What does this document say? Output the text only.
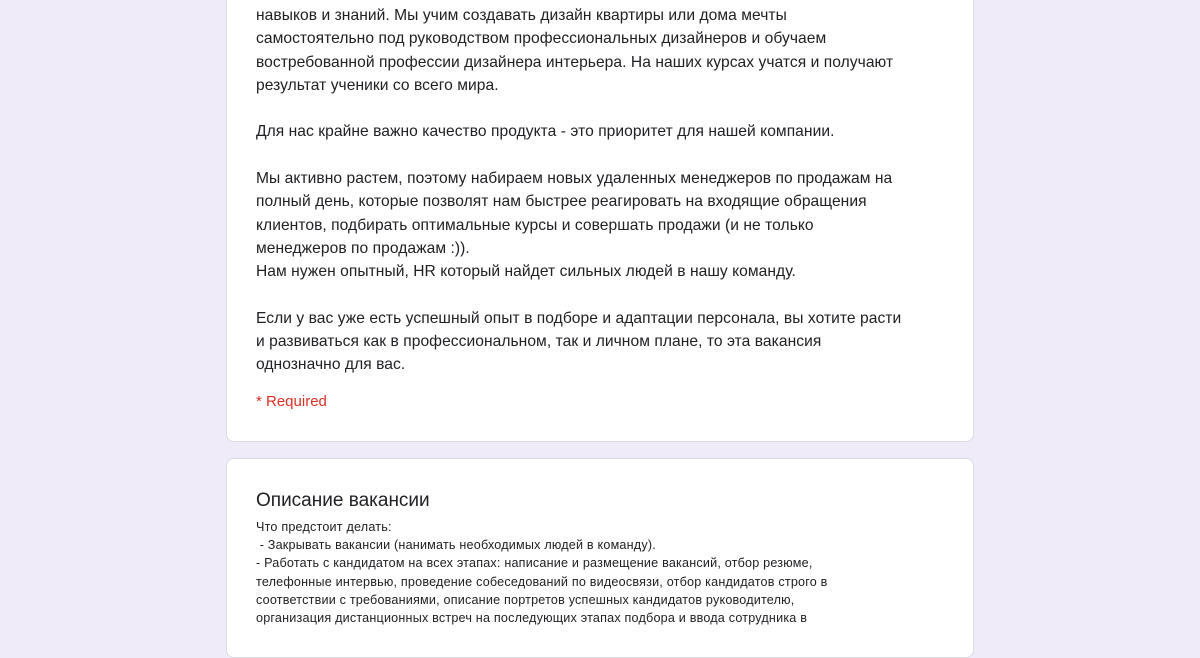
навыков и знаний. Мы учим создавать дизайн квартиры или дома мечты

самостоятельно под руководством профессиональных дизайнеров и обучаем

востребованной профессии дизайнера интерьера. На наших курсах учатся и получают

результат ученики со всего мира.

Для нас крайне важно качество продукта - это приоритет для нашей компании.

Мы активно растем, поэтому набираем новых удаленных менеджеров по продажам на

полный день, которые позволят нам быстрее реагировать на входящие обращения

клиентов, подбирать оптимальные курсы и совершать продажи (и не только

менеджеров по продажам :)).

Нам нужен опытный, HR который найдет сильных людей в нашу команду.

Если у вас уже есть успешный опыт в подборе и адаптации персонала, вы хотите расти

и развиваться как в профессиональном, так и личном плане, то эта вакансия

однозначно для вас.

* Required
Описание вакансии
Что предстоит делать:
- Закрывать вакансии (нанимать необходимых людей в команду).
- Работать с кандидатом на всех этапах: написание и размещение вакансий, отбор резюме,
телефонные интервью, проведение собеседований по видеосвязи, отбор кандидатов строго в
соответствии с требованиями, описание портретов успешных кандидатов руководителю,
организация дистанционных встреч на последующих этапах подбора и ввода сотрудника в
